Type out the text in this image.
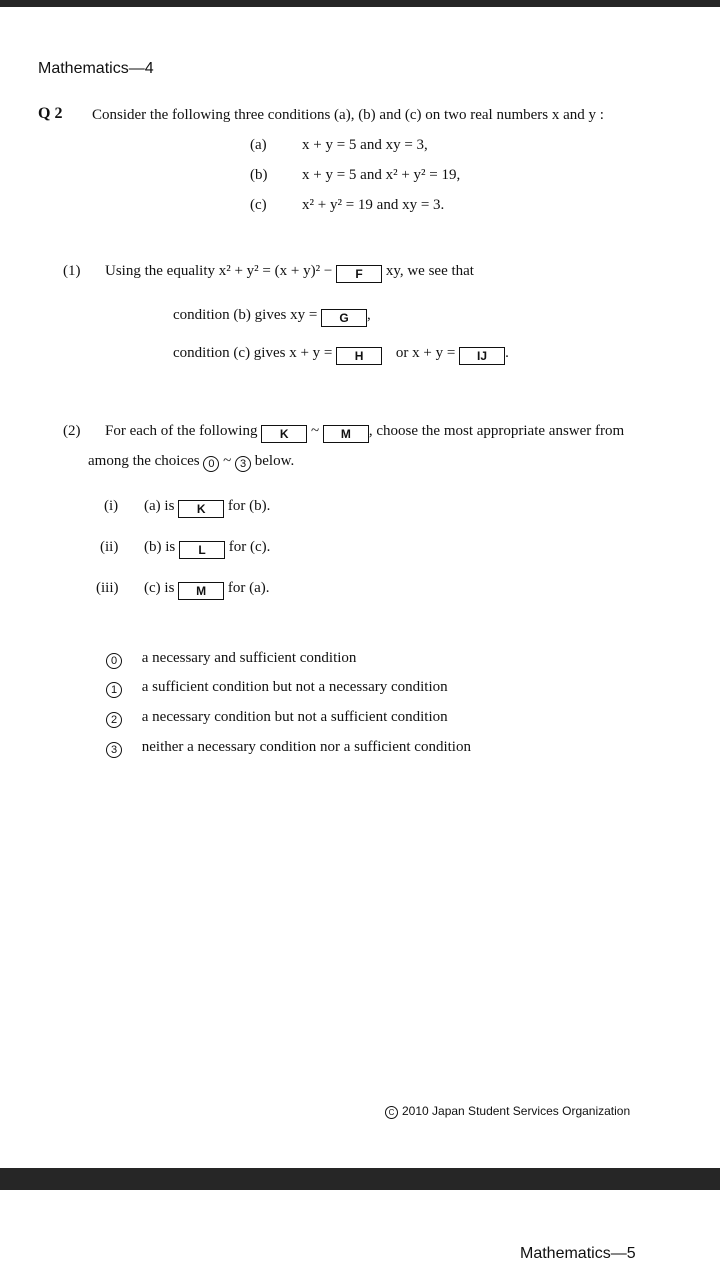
Mathematics—4
Q 2 Consider the following three conditions (a), (b) and (c) on two real numbers x and y :
(a) x + y = 5 and xy = 3,
(b) x + y = 5 and x² + y² = 19,
(c) x² + y² = 19 and xy = 3.
(1) Using the equality x² + y² = (x + y)² − F xy, we see that
condition (b) gives xy = G ,
condition (c) gives x + y = H or x + y = IJ .
(2) For each of the following K ~ M , choose the most appropriate answer from
among the choices 0 ~ 3 below.
(i) (a) is K for (b).
(ii) (b) is L for (c).
(iii) (c) is M for (a).
0 a necessary and sufficient condition
1 a sufficient condition but not a necessary condition
2 a necessary condition but not a sufficient condition
3 neither a necessary condition nor a sufficient condition
C 2010 Japan Student Services Organization
Mathematics—5
